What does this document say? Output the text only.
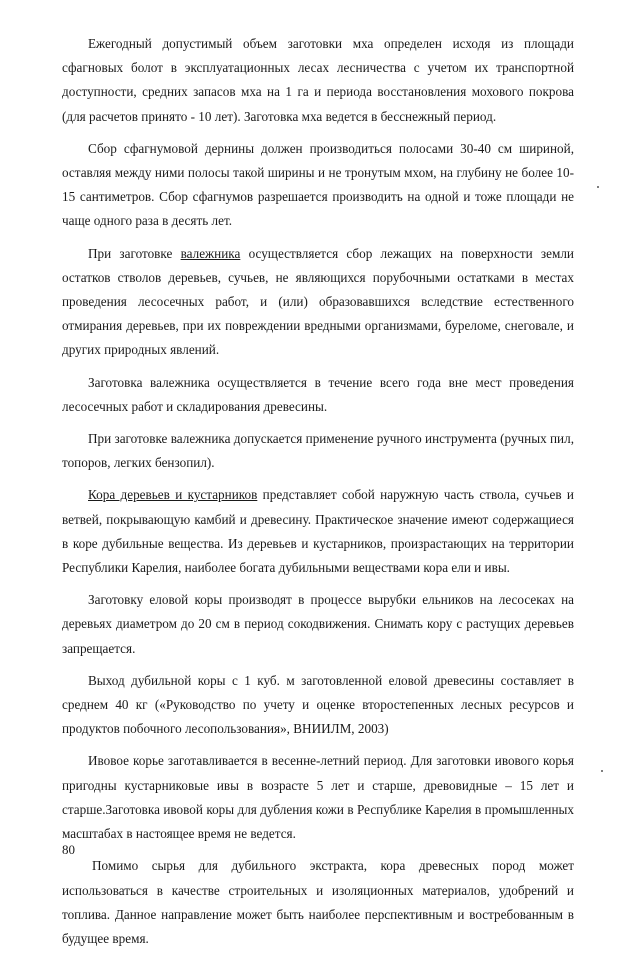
Ежегодный допустимый объем заготовки мха определен исходя из площади сфагновых болот в эксплуатационных лесах лесничества с учетом их транспортной доступности, средних запасов мха на 1 га и периода восстановления мохового покрова (для расчетов принято - 10 лет). Заготовка мха ведется в бесснежный период.

Сбор сфагнумовой дернины должен производиться полосами 30-40 см шириной, оставляя между ними полосы такой ширины и не тронутым мхом, на глубину не более 10-15 сантиметров. Сбор сфагнумов разрешается производить на одной и тоже площади не чаще одного раза в десять лет.

При заготовке валежника осуществляется сбор лежащих на поверхности земли остатков стволов деревьев, сучьев, не являющихся порубочными остатками в местах проведения лесосечных работ, и (или) образовавшихся вследствие естественного отмирания деревьев, при их повреждении вредными организмами, буреломе, снеговале, и других природных явлений.

Заготовка валежника осуществляется в течение всего года вне мест проведения лесосечных работ и складирования древесины.

При заготовке валежника допускается применение ручного инструмента (ручных пил, топоров, легких бензопил).

Кора деревьев и кустарников представляет собой наружную часть ствола, сучьев и ветвей, покрывающую камбий и древесину. Практическое значение имеют содержащиеся в коре дубильные вещества. Из деревьев и кустарников, произрастающих на территории Республики Карелия, наиболее богата дубильными веществами кора ели и ивы.

Заготовку еловой коры производят в процессе вырубки ельников на лесосеках на деревьях диаметром до 20 см в период сокодвижения. Снимать кору с растущих деревьев запрещается.

Выход дубильной коры с 1 куб. м заготовленной еловой древесины составляет в среднем 40 кг («Руководство по учету и оценке второстепенных лесных ресурсов и продуктов побочного лесопользования», ВНИИЛМ, 2003)

Ивовое корье заготавливается в весенне-летний период. Для заготовки ивового корья пригодны кустарниковые ивы в возрасте 5 лет и старше, древовидные – 15 лет и старше.Заготовка ивовой коры для дубления кожи в Республике Карелия в промышленных масштабах в настоящее время не ведется.

Помимо сырья для дубильного экстракта, кора древесных пород может использоваться в качестве строительных и изоляционных материалов, удобрений и топлива. Данное направление может быть наиболее перспективным и востребованным в будущее время.

80
